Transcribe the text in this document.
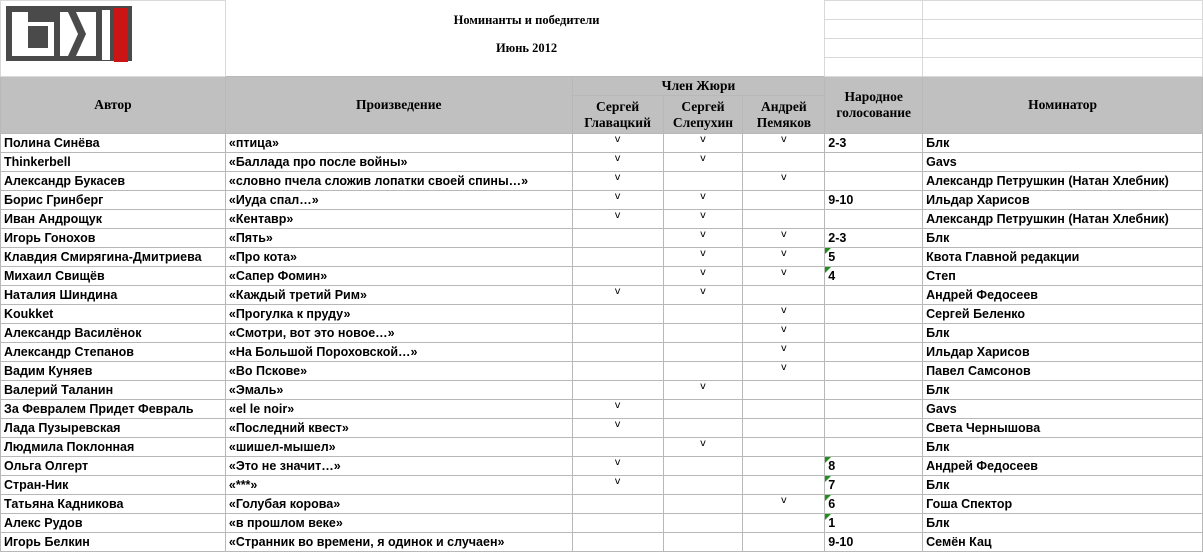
	Номинанты и победители					

	Июнь 2012					

Автор	Произведение	Член Жюри			Народное голосование	Номинатор
		Сергей Главацкий	Сергей Слепухин	Андрей Пемяков		
Полина Синёва	«птица»	v	v	v	2-3	Блк
Thinkerbell	«Баллада про после войны»	v	v			Gavs
Александр Букасев	«словно пчела сложив лопатки своей спины…»	v		v		Александр Петрушкин (Натан Хлебник)
Борис Гринберг	«Иуда спал…»	v	v		9-10	Ильдар Харисов
Иван Андрощук	«Кентавр»	v	v			Александр Петрушкин (Натан Хлебник)
Игорь Гонохов	«Пять»		v	v	2-3	Блк
Клавдия Смирягина-Дмитриева	«Про кота»		v	v	5	Квота Главной редакции
Михаил Свищёв	«Сапер Фомин»		v	v	4	Степ
Наталия Шиндина	«Каждый третий Рим»	v	v			Андрей Федосеев
Koukket	«Прогулка к пруду»			v		Сергей Беленко
Александр Василёнок	«Смотри, вот это новое…»			v		Блк
Александр Степанов	«На Большой Пороховской…»			v		Ильдар Харисов
Вадим Куняев	«Во Пскове»			v		Павел Самсонов
Валерий Таланин	«Эмаль»		v			Блк
За Февралем Придет Февраль	«el le noir»	v				Gavs
Лада Пузыревская	«Последний квест»	v				Света Чернышова
Людмила Поклонная	«шишел-мышел»		v			Блк
Ольга Олгерт	«Это не значит…»	v			8	Андрей Федосеев
Стран-Ник	«***»	v			7	Блк
Татьяна Кадникова	«Голубая корова»			v	6	Гоша Спектор
Алекс Рудов	«в прошлом веке»				1	Блк
Игорь Белкин	«Странник во времени, я одинок и случаен»				9-10	Семён Кац
